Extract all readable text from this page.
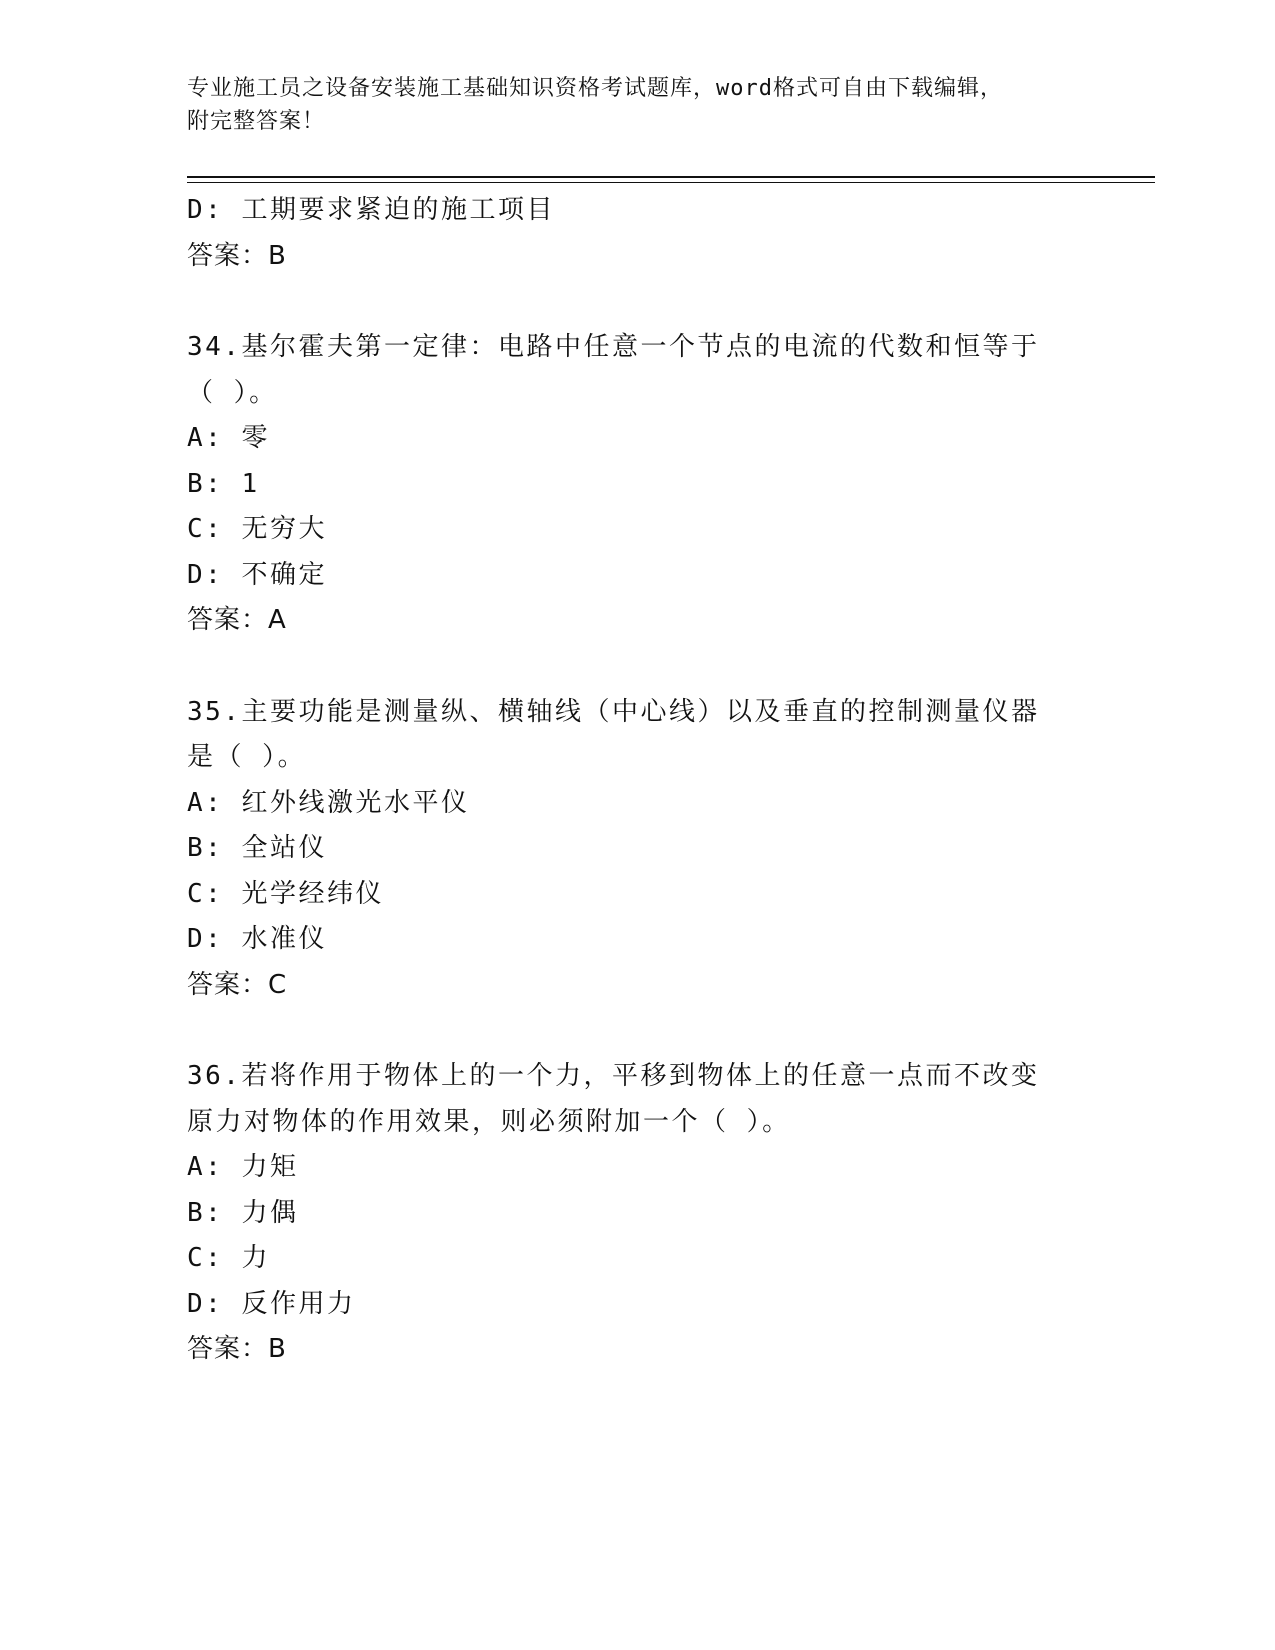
专业施工员之设备安装施工基础知识资格考试题库，word格式可自由下载编辑，
附完整答案！
D: 工期要求紧迫的施工项目
答案：B
34.基尔霍夫第一定律：电路中任意一个节点的电流的代数和恒等于（ ）。
A: 零
B: 1
C: 无穷大
D: 不确定
答案：A
35.主要功能是测量纵、横轴线（中心线）以及垂直的控制测量仪器是（ ）。
A: 红外线激光水平仪
B: 全站仪
C: 光学经纬仪
D: 水准仪
答案：C
36.若将作用于物体上的一个力，平移到物体上的任意一点而不改变原力对物体的作用效果，则必须附加一个（ ）。
A: 力矩
B: 力偶
C: 力
D: 反作用力
答案：B
